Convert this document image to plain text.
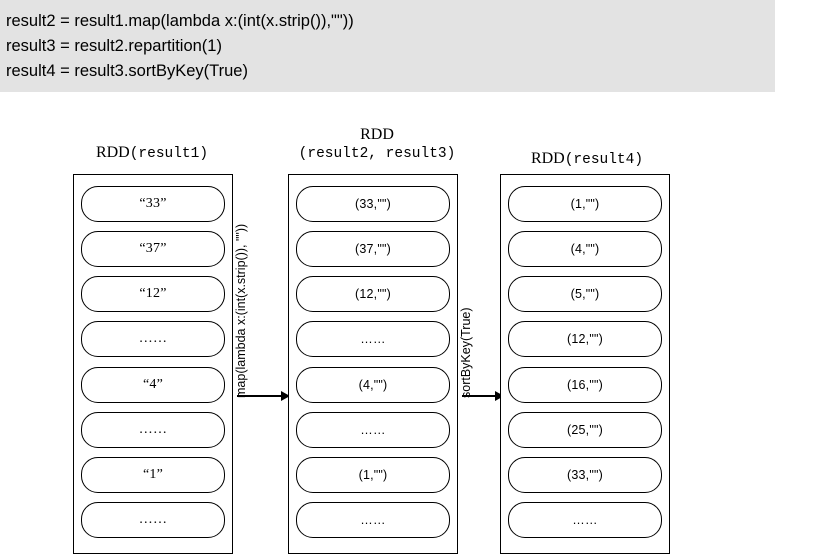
result2 = result1.map(lambda x:(int(x.strip()),""))
result3 = result2.repartition(1)
result4 = result3.sortByKey(True)
RDD(result1)
RDD
(result2, result3)	RDD(result4)
“33”
“37”
“12”
……
“4”
……
“1”
……
map(lambda x:(int(x.strip()), ""))
(33,"")
(37,"")
(12,"")
……
(4,"")
……
(1,"")
……
sortByKey(True)
(1,"")
(4,"")
(5,"")
(12,"")
(16,"")
(25,"")
(33,"")
……
